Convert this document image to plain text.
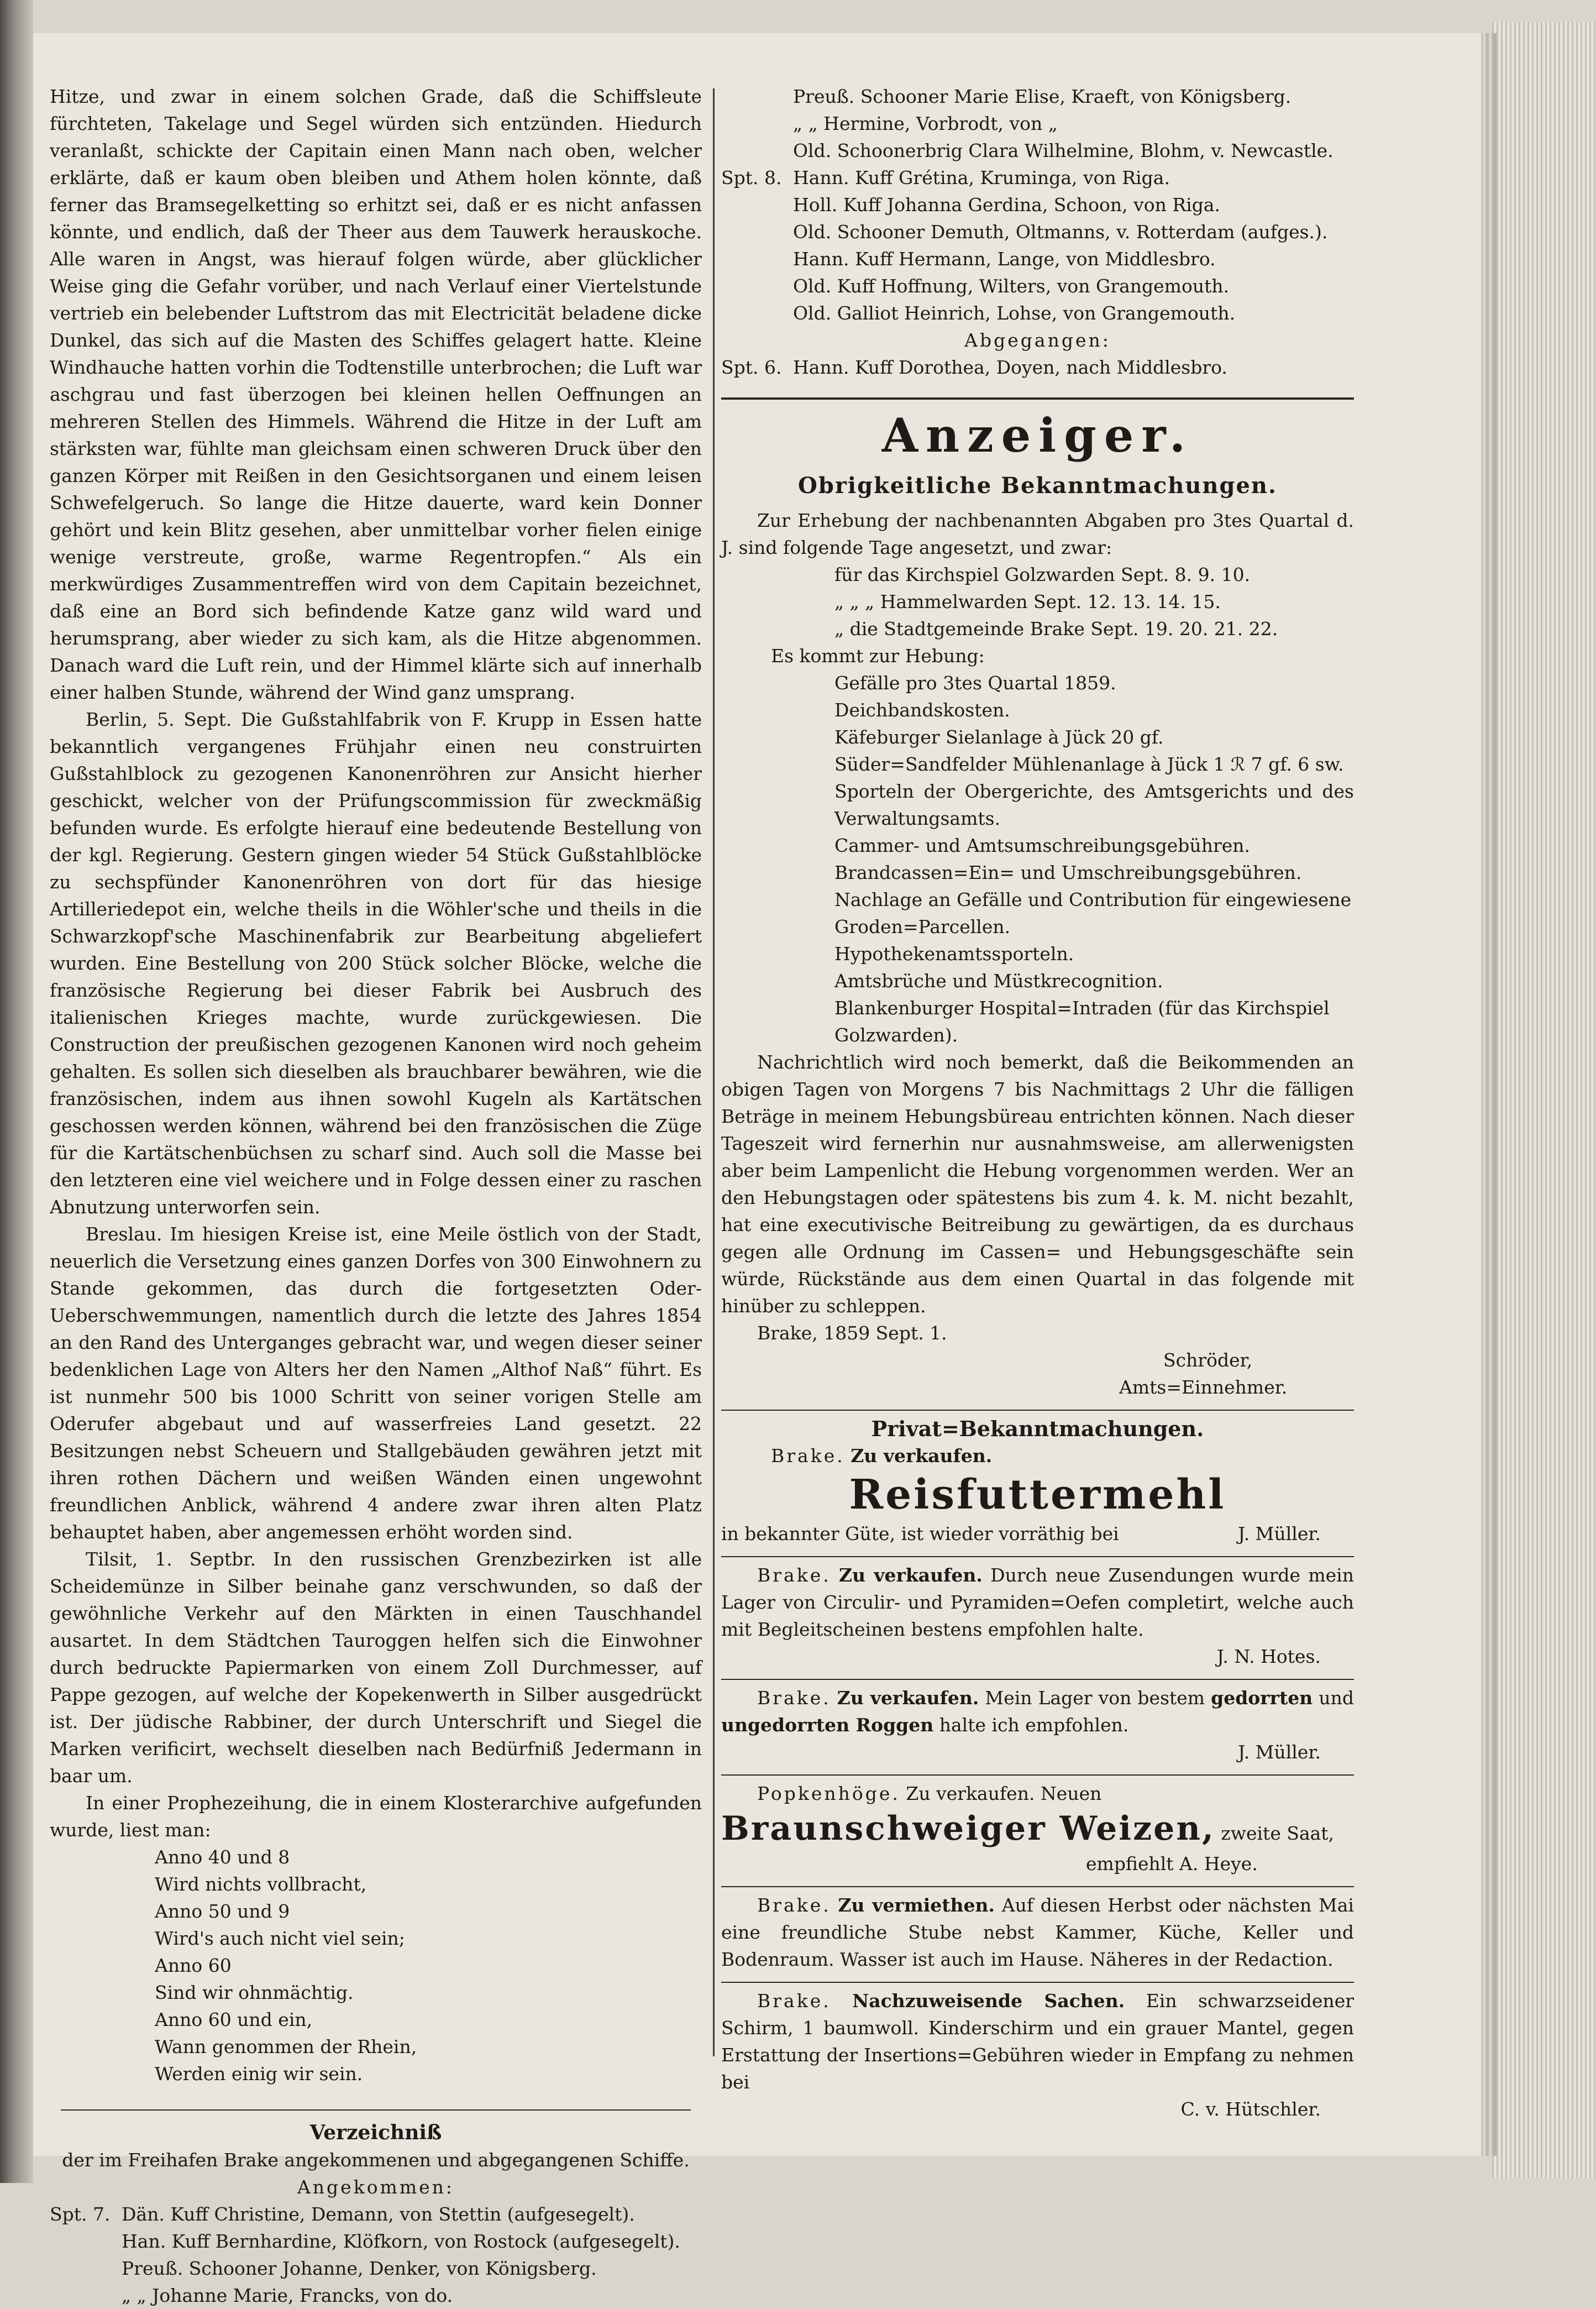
Hitze, und zwar in einem solchen Grade, daß die Schiffsleute fürchteten, Takelage und Segel würden sich entzünden. Hiedurch veranlaßt, schickte der Capitain einen Mann nach oben, welcher erklärte, daß er kaum oben bleiben und Athem holen könnte, daß ferner das Bramsegelketting so erhitzt sei, daß er es nicht anfassen könnte, und endlich, daß der Theer aus dem Tauwerk herauskoche. Alle waren in Angst, was hierauf folgen würde, aber glücklicher Weise ging die Gefahr vorüber, und nach Verlauf einer Viertelstunde vertrieb ein belebender Luftstrom das mit Electricität beladene dicke Dunkel, das sich auf die Masten des Schiffes gelagert hatte. Kleine Windhauche hatten vorhin die Todtenstille unterbrochen; die Luft war aschgrau und fast überzogen bei kleinen hellen Oeffnungen an mehreren Stellen des Himmels. Während die Hitze in der Luft am stärksten war, fühlte man gleichsam einen schweren Druck über den ganzen Körper mit Reißen in den Gesichtsorganen und einem leisen Schwefelgeruch. So lange die Hitze dauerte, ward kein Donner gehört und kein Blitz gesehen, aber unmittelbar vorher fielen einige wenige verstreute, große, warme Regentropfen.“ Als ein merkwürdiges Zusammentreffen wird von dem Capitain bezeichnet, daß eine an Bord sich befindende Katze ganz wild ward und herumsprang, aber wieder zu sich kam, als die Hitze abgenommen. Danach ward die Luft rein, und der Himmel klärte sich auf innerhalb einer halben Stunde, während der Wind ganz umsprang.

Berlin, 5. Sept. Die Gußstahlfabrik von F. Krupp in Essen hatte bekanntlich vergangenes Frühjahr einen neu construirten Gußstahlblock zu gezogenen Kanonenröhren zur Ansicht hierher geschickt, welcher von der Prüfungscommission für zweckmäßig befunden wurde. Es erfolgte hierauf eine bedeutende Bestellung von der kgl. Regierung. Gestern gingen wieder 54 Stück Gußstahlblöcke zu sechspfünder Kanonenröhren von dort für das hiesige Artilleriedepot ein, welche theils in die Wöhler'sche und theils in die Schwarzkopf'sche Maschinenfabrik zur Bearbeitung abgeliefert wurden. Eine Bestellung von 200 Stück solcher Blöcke, welche die französische Regierung bei dieser Fabrik bei Ausbruch des italienischen Krieges machte, wurde zurückgewiesen. Die Construction der preußischen gezogenen Kanonen wird noch geheim gehalten. Es sollen sich dieselben als brauchbarer bewähren, wie die französischen, indem aus ihnen sowohl Kugeln als Kartätschen geschossen werden können, während bei den französischen die Züge für die Kartätschenbüchsen zu scharf sind. Auch soll die Masse bei den letzteren eine viel weichere und in Folge dessen einer zu raschen Abnutzung unterworfen sein.

Breslau. Im hiesigen Kreise ist, eine Meile östlich von der Stadt, neuerlich die Versetzung eines ganzen Dorfes von 300 Einwohnern zu Stande gekommen, das durch die fortgesetzten Oder-Ueberschwemmungen, namentlich durch die letzte des Jahres 1854 an den Rand des Unterganges gebracht war, und wegen dieser seiner bedenklichen Lage von Alters her den Namen „Althof Naß“ führt. Es ist nunmehr 500 bis 1000 Schritt von seiner vorigen Stelle am Oderufer abgebaut und auf wasserfreies Land gesetzt. 22 Besitzungen nebst Scheuern und Stallgebäuden gewähren jetzt mit ihren rothen Dächern und weißen Wänden einen ungewohnt freundlichen Anblick, während 4 andere zwar ihren alten Platz behauptet haben, aber angemessen erhöht worden sind.

Tilsit, 1. Septbr. In den russischen Grenzbezirken ist alle Scheidemünze in Silber beinahe ganz verschwunden, so daß der gewöhnliche Verkehr auf den Märkten in einen Tauschhandel ausartet. In dem Städtchen Tauroggen helfen sich die Einwohner durch bedruckte Papiermarken von einem Zoll Durchmesser, auf Pappe gezogen, auf welche der Kopekenwerth in Silber ausgedrückt ist. Der jüdische Rabbiner, der durch Unterschrift und Siegel die Marken verificirt, wechselt dieselben nach Bedürfniß Jedermann in baar um.

In einer Prophezeihung, die in einem Klosterarchive aufgefunden wurde, liest man:

Anno 40 und 8

Wird nichts vollbracht,

Anno 50 und 9

Wird's auch nicht viel sein;

Anno 60

Sind wir ohnmächtig.

Anno 60 und ein,

Wann genommen der Rhein,

Werden einig wir sein.

Verzeichniß

der im Freihafen Brake angekommenen und abgegangenen Schiffe.

Angekommen:

Spt. 7. Dän. Kuff Christine, Demann, von Stettin (aufgesegelt).
Han. Kuff Bernhardine, Klöfkorn, von Rostock (aufgesegelt).
Preuß. Schooner Johanne, Denker, von Königsberg.
„ „ Johanne Marie, Francks, von do.
Preuß. Schooner Marie Elise, Kraeft, von Königsberg.
„ „ Hermine, Vorbrodt, von „
Old. Schoonerbrig Clara Wilhelmine, Blohm, v. Newcastle.
Spt. 8. Hann. Kuff Grétina, Kruminga, von Riga.
Holl. Kuff Johanna Gerdina, Schoon, von Riga.
Old. Schooner Demuth, Oltmanns, v. Rotterdam (aufges.).
Hann. Kuff Hermann, Lange, von Middlesbro.
Old. Kuff Hoffnung, Wilters, von Grangemouth.
Old. Galliot Heinrich, Lohse, von Grangemouth.

Abgegangen:

Spt. 6. Hann. Kuff Dorothea, Doyen, nach Middlesbro.

Anzeiger.

Obrigkeitliche Bekanntmachungen.

Zur Erhebung der nachbenannten Abgaben pro 3tes Quartal d. J. sind folgende Tage angesetzt, und zwar:

für das Kirchspiel Golzwarden Sept. 8. 9. 10.

„ „ „ Hammelwarden Sept. 12. 13. 14. 15.

„ die Stadtgemeinde Brake Sept. 19. 20. 21. 22.

Es kommt zur Hebung:

Gefälle pro 3tes Quartal 1859.

Deichbandskosten.

Käfeburger Sielanlage à Jück 20 gf.

Süder=Sandfelder Mühlenanlage à Jück 1 ℛ 7 gf. 6 sw.

Sporteln der Obergerichte, des Amtsgerichts und des Verwaltungsamts.

Cammer- und Amtsumschreibungsgebühren.

Brandcassen=Ein= und Umschreibungsgebühren.

Nachlage an Gefälle und Contribution für eingewiesene Groden=Parcellen.

Hypothekenamtssporteln.

Amtsbrüche und Müstkrecognition.

Blankenburger Hospital=Intraden (für das Kirchspiel Golzwarden).

Nachrichtlich wird noch bemerkt, daß die Beikommenden an obigen Tagen von Morgens 7 bis Nachmittags 2 Uhr die fälligen Beträge in meinem Hebungsbüreau entrichten können. Nach dieser Tageszeit wird fernerhin nur ausnahmsweise, am allerwenigsten aber beim Lampenlicht die Hebung vorgenommen werden. Wer an den Hebungstagen oder spätestens bis zum 4. k. M. nicht bezahlt, hat eine executivische Beitreibung zu gewärtigen, da es durchaus gegen alle Ordnung im Cassen= und Hebungsgeschäfte sein würde, Rückstände aus dem einen Quartal in das folgende mit hinüber zu schleppen.

Brake, 1859 Sept. 1.

Schröder,

Amts=Einnehmer.

Privat=Bekanntmachungen.

Brake. Zu verkaufen.

Reisfuttermehl

in bekannter Güte, ist wieder vorräthig bei	J. Müller.

Brake. Zu verkaufen. Durch neue Zusendungen wurde mein Lager von Circulir- und Pyramiden=Oefen completirt, welche auch mit Begleitscheinen bestens empfohlen halte.

J. N. Hotes.

Brake. Zu verkaufen. Mein Lager von bestem gedorrten und ungedorrten Roggen halte ich empfohlen.

J. Müller.

Popkenhöge. Zu verkaufen. Neuen

Braunschweiger Weizen, zweite Saat,

empfiehlt A. Heye.

Brake. Zu vermiethen. Auf diesen Herbst oder nächsten Mai eine freundliche Stube nebst Kammer, Küche, Keller und Bodenraum. Wasser ist auch im Hause. Näheres in der Redaction.

Brake. Nachzuweisende Sachen. Ein schwarzseidener Schirm, 1 baumwoll. Kinderschirm und ein grauer Mantel, gegen Erstattung der Insertions=Gebühren wieder in Empfang zu nehmen bei

C. v. Hütschler.
